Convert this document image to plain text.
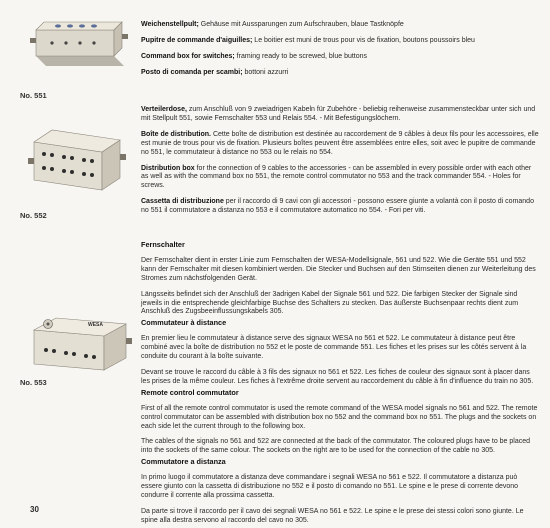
No. 551
No. 552
WESA
No. 553

Weichenstellpult; Gehäuse mit Aussparungen zum Aufschrauben, blaue Tastknöpfe

Pupitre de commande d'aiguilles; Le boitier est muni de trous pour vis de fixation, boutons poussoirs bleu

Command box for switches; framing ready to be screwed, blue buttons

Posto di comanda per scambi; bottoni azzurri

Verteilerdose, zum Anschluß von 9 zweiadrigen Kabeln für Zubehöre - beliebig reihenweise zusammensteckbar unter sich und mit Stellpult 551, sowie Fernschalter 553 und Relais 554. - Mit Befestigungslöchern.

Boîte de distribution. Cette boîte de distribution est destinée au raccordement de 9 câbles à deux fils pour les accessoires, elle est munie de trous pour vis de fixation. Plusieurs boîtes peuvent être assemblées entre elles, soit avec le pupitre de commande no 551, le commutateur à distance no 553 ou le relais no 554.

Distribution box for the connection of 9 cables to the accessories - can be assembled in every possible order with each other as well as with the command box no 551, the remote control commutator no 553 and the track commander 554. - Holes for screws.

Cassetta di distribuzione per il raccordo di 9 cavi con gli accessori - possono essere giunte a volantà con il posto di comando no 551 il commutatore a distanza no 553 e il commutatore automatico no 554. - Fori per viti.

Fernschalter

Der Fernschalter dient in erster Linie zum Fernschalten der WESA-Modellsignale, 561 und 522. Wie die Geräte 551 und 552 kann der Fernschalter mit diesen kombiniert werden. Die Stecker und Buchsen auf den Stirnseiten dienen zur Weiterleitung des Stromes zum nächstfolgenden Gerät.

Längsseits befindet sich der Anschluß der 3adrigen Kabel der Signale 561 und 522. Die farbigen Stecker der Signale sind jeweils in die entsprechende gleichfarbige Buchse des Schalters zu stecken. Das äußerste Buchsenpaar rechts dient zum Anschluß des Zugsbeeinflussungskabels 305.

Commutateur à distance

En premier lieu le commutateur à distance serve des signaux WESA no 561 et 522. Le commutateur à distance peut être combiné avec la boîte de distribution no 552 et le poste de commande 551. Les fiches et les prises sur les côtés servent à la conduite du courant à la boîte suivante.

Devant se trouve le raccord du câble à 3 fils des signaux no 561 et 522. Les fiches de couleur des signaux sont à placer dans les prises de la même couleur. Les fiches à l'extrême droite servent au raccordement du câble à fin d'influence du train no 305.

Remote control commutator

First of all the remote control commutator is used the remote command of the WESA model signals no 561 and 522. The remote control commutator can be assembled with distribution box no 552 and the command box no 551. The plugs and the sockets on each side let the current through to the following box.

The cables of the signals no 561 and 522 are connected at the back of the commutator. The coloured plugs have to be placed into the sockets of the same colour. The sockets on the right are to be used for the connection of the cable no 305.

Commutatore a distanza

In primo luogo il commutatore a distanza deve commandare i segnali WESA no 561 e 522. Il commutatore a distanza può essere giunto con la cassetta di distribuzione no 552 e il posto di comando no 551. Le spine e le prese di corrente devono condurre il corrente alla prossima cassetta.

Da parte si trove il raccordo per il cavo dei segnali WESA no 561 e 522. Le spine e le prese dei stessi colori sono giunte. Le spine alla destra servono al raccordo del cavo no 305.

30
